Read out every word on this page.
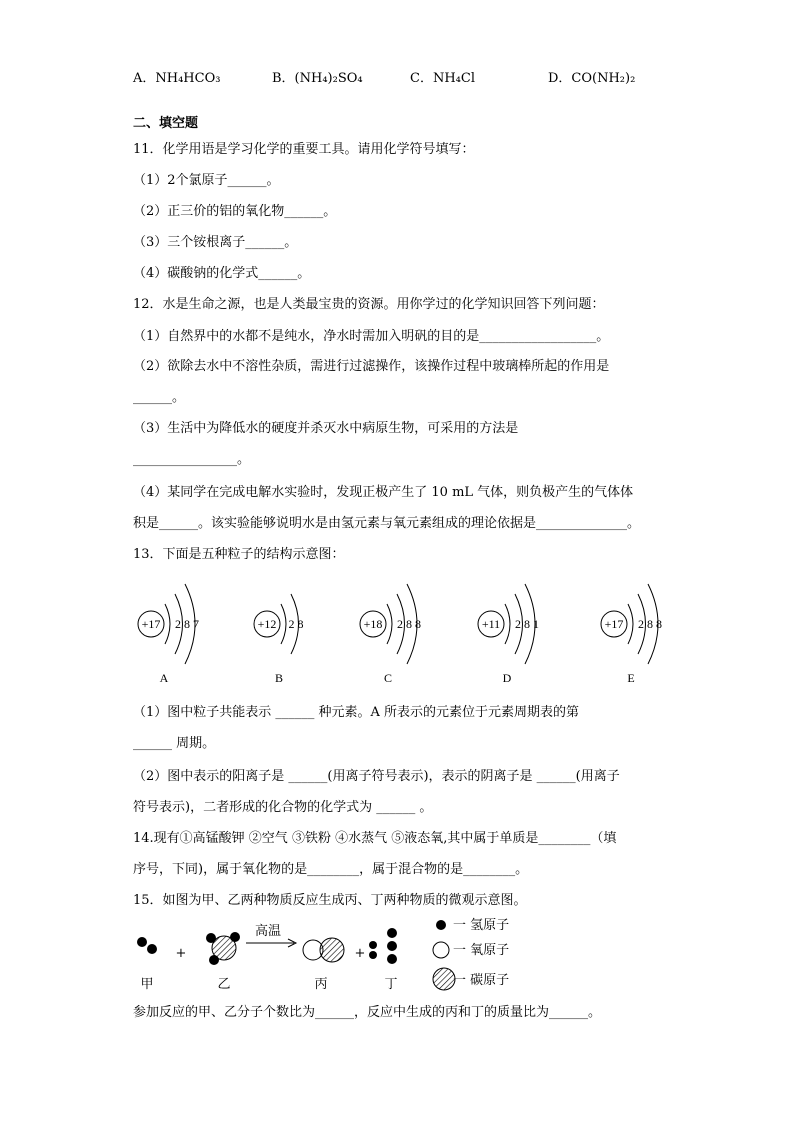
A．NH₄HCO₃	B．(NH₄)₂SO₄	C．NH₄Cl	D．CO(NH₂)₂
二、填空题
11．化学用语是学习化学的重要工具。请用化学符号填写：
（1）2个氯原子______。
（2）正三价的铝的氧化物______。
（3）三个铵根离子______。
（4）碳酸钠的化学式______。
12．水是生命之源，也是人类最宝贵的资源。用你学过的化学知识回答下列问题：
（1）自然界中的水都不是纯水，净水时需加入明矾的目的是__________________。
（2）欲除去水中不溶性杂质，需进行过滤操作，该操作过程中玻璃棒所起的作用是
______。
（3）生活中为降低水的硬度并杀灭水中病原生物，可采用的方法是
________________。
（4）某同学在完成电解水实验时，发现正极产生了 10 mL 气体，则负极产生的气体体
积是______。该实验能够说明水是由氢元素与氧元素组成的理论依据是______________。
13．下面是五种粒子的结构示意图：
+17 2 8 7
A
+12 2 8
B
+18 2 8 8
C
+11 2 8 1
D
+17 2 8 8
E
（1）图中粒子共能表示 ______ 种元素。A 所表示的元素位于元素周期表的第
______ 周期。
（2）图中表示的阳离子是 ______(用离子符号表示)，表示的阴离子是 ______(用离子
符号表示)，二者形成的化合物的化学式为 ______ 。
14.现有①高锰酸钾 ②空气 ③铁粉 ④水蒸气 ⑤液态氧,其中属于单质是________（填
序号，下同)，属于氧化物的是________，属于混合物的是________。
15．如图为甲、乙两种物质反应生成丙、丁两种物质的微观示意图。
+
高温
+
甲	乙	丙	丁
一 氢原子
一 氧原子
一 碳原子
参加反应的甲、乙分子个数比为______，反应中生成的丙和丁的质量比为______。
